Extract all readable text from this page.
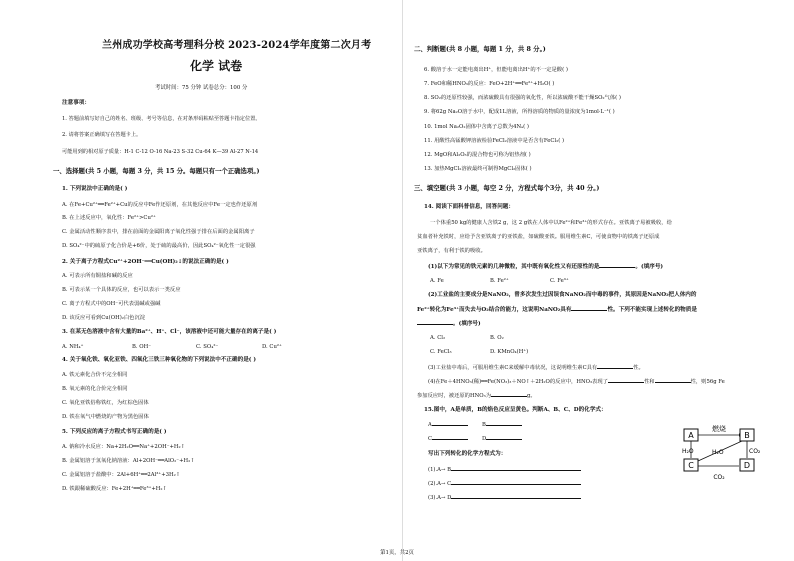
兰州成功学校高考理科分校 2023-2024学年度第二次月考
化学 试卷
考试时间：75 分钟 试卷总分：100 分
注意事项：
1. 答题前填写好自己的姓名、班级、考号等信息，在对条形码粘贴至答题卡指定位置。
2. 请将答案正确填写在答题卡上。
可能用到的相对原子质量：H-1 C-12 O-16 Na-23 S-32 Cu-64 K—39 Al-27 N-14
一、选择题(共 5 小题，每题 3 分，共 15 分。每题只有一个正确选项。)
1. 下列说法中正确的是( )
A. 在Fe+Cu²⁺══Fe²⁺+Cu的反应中Fe作还原剂，在其他反应中Fe一定也作还原剂
B. 在上述反应中，氧化性：Fe²⁺>Cu²⁺
C. 金属活动性顺序表中，排在前面的金属阳离子氧化性强于排在后面的金属阳离子
D. SO₄²⁻中的硫原子化合价是+6价，处于硫的最高价，因此SO₄²⁻氧化性一定很强
2. 关于离子方程式Cu²⁺+2OH⁻══Cu(OH)₂↓的说法正确的是( )
A. 可表示所有铜盐和碱的反应
B. 可表示某一个具体的反应，也可以表示一类反应
C. 离子方程式中的OH⁻可代表弱碱或强碱
D. 该反应可看到Cu(OH)₂白色沉淀
3. 在某无色溶液中含有大量的Ba²⁺、H⁺、Cl⁻，该溶液中还可能大量存在的离子是( )
A. NH₄⁺	B. OH⁻	C. SO₄²⁻	D. Cu²⁺
4. 关于氧化铁、氧化亚铁、四氧化三铁三种氧化物的下列说法中不正确的是( )
A. 铁元素化合价不完全相同
B. 氧元素的化合价完全相同
C. 氧化亚铁俗称铁红，为红棕色固体
D. 铁在氧气中燃烧的产物为黑色固体
5. 下列反应的离子方程式书写正确的是( )
A. 钠和冷水反应：Na+2H₂O══Na⁺+2OH⁻+H₂↑
B. 金属铝溶于氢氧化钠溶液：Al+2OH⁻══AlO₂⁻+H₂↑
C. 金属铝溶于盐酸中：2Al+6H⁺══2Al³⁺+3H₂↑
D. 铁跟稀硫酸反应：Fe+2H⁺══Fe³⁺+H₂↑
二、判断题(共 8 小题，每题 1 分，共 8 分。)
6. 酸溶于水一定能电离出H⁺，但能电离出H⁺的不一定是酸( )
7. FeO和稀HNO₃的反应：FeO+2H⁺══Fe²⁺+H₂O( )
8. SO₂的还原性较强，而浓硫酸具有很强的氧化性，所以浓硫酸不能干燥SO₂气体( )
9. 将62g Na₂O溶于水中，配成1L溶液，所得溶质的物质的量浓度为1mol·L⁻¹( )
10. 1mol Na₂O₂固体中含离子总数为4Nₐ( )
11. 用酸性高锰酸钾溶液检验FeCl₂溶液中是否含有FeCl₂( )
12. MgO和Al₂O₃的混合物也可称为铝热剂( )
13. 加热MgCl₂溶液最终可制得MgCl₂固体( )
三、填空题(共 3 小题，每空 2 分，方程式每个3分，共 40 分。)
14. 阅读下面科普信息，回答问题：
一个体重50 kg的健康人含铁2 g，这 2 g铁在人体中以Fe²⁺和Fe³⁺的形式存在。亚铁离子易被吸收，给
贫血者补充铁时，应给予含亚铁离子的亚铁盐，如硫酸亚铁。服用维生素C，可使食物中的铁离子还原成
亚铁离子，有利于铁的吸收。
(1)以下为常见的铁元素的几种微粒，其中既有氧化性又有还原性的是	。(填序号)
A. Fe	B. Fe²⁺	C. Fe³⁺
(2)工业盐的主要成分是NaNO₂，曾多次发生过因误食NaNO₂而中毒的事件，其原因是NaNO₂把人体内的
Fe²⁺转化为Fe³⁺而失去与O₂结合的能力，这说明NaNO₂具有	性。下列不能实现上述转化的物质是
。(填序号)
A. Cl₂	B. O₂
C. FeCl₃	D. KMnO₄(H⁺)
(3)工业盐中毒后，可服用维生素C来缓解中毒状况，这说明维生素C具有	性。
(4)在Fe＋4HNO₃(稀)══Fe(NO₃)₃＋NO↑＋2H₂O的反应中，HNO₃表现了	性和	性，则56g Fe
参加反应时，被还原的HNO₃为	g。
15.图中，A是单质，B的焰色反应呈黄色。判断A、B、C、D的化学式：
A	B
C	D
写出下列转化的化学方程式为：
(1).A→ B
(2).A→ C
(3).A→ D
A	B
C	D
燃烧
H₂O	CO₂
H₂O
CO₂
第1页，共2页
